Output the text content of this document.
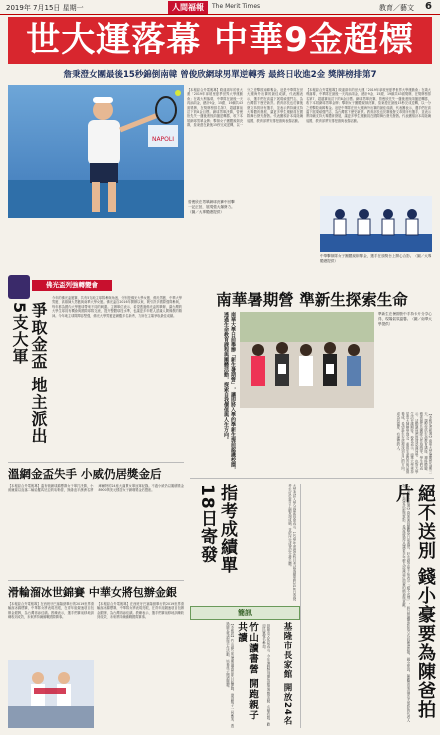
2019年 7月15日 星期一	人間福報	The Merit Times	教育／藝文 6
世大運落幕 中華9金超標
詹秉澄女團最後15秒錦倒南韓 曾俊欣網球男單逆轉秀 最終日收進2金 獎牌榜排第7
NAPOLI
曾俊欣在男單網球決賽中回擊一記正拍，展現強大爆發力。（圖／大專體總提供）
【本報綜合外電報導】睽違兩年的世大運「2019年拿坡里夏季世界大學運動會」在義大利落幕，中華隊在最後一天再添兩金，總計9金、15銀、19銅共43面獎牌，在獎牌榜排名第7，超越賽前訂下的8金目標。網球男單決賽，曾俊欣先失一盤後連扳兩盤逆轉勝，收下本屆網球男單金牌；擊劍女子團體銳劍決賽，詹秉澄在最後15秒完成逆轉，以一分之差擊敗南韓奪金。這是中華隊在世大運海外出賽的最佳成績，代表團表示，選手們在高溫下展現頑強鬥志，為台灣寫下歷史新頁。教育部長也於賽後發文恭賀所有選手，並表示將持續支持大專體育發展，讓更多學生運動員在國際舞台發光發熱。代表團預計本周陸續返國，教育部將安排授旗與表揚活動。
【本報綜合外電報導】睽違兩年的世大運「2019年拿坡里夏季世界大學運動會」在義大利落幕，中華隊在最後一天再添兩金，總計9金、15銀、19銅共43面獎牌，在獎牌榜排名第7，超越賽前訂下的8金目標。網球男單決賽，曾俊欣先失一盤後連扳兩盤逆轉勝，收下本屆網球男單金牌；擊劍女子團體銳劍決賽，詹秉澄在最後15秒完成逆轉，以一分之差擊敗南韓奪金。這是中華隊在世大運海外出賽的最佳成績，代表團表示，選手們在高溫下展現頑強鬥志，為台灣寫下歷史新頁。教育部長也於賽後發文恭賀所有選手，並表示將持續支持大專體育發展，讓更多學生運動員在國際舞台發光發熱。代表團預計本周陸續返國，教育部將安排授旗與表揚活動。
中華擊劍隊女子團體銳劍奪金，選手在頒獎台上開心合影。（圖／大專體總提供）
佛光盃列強轉變會
爭取金盃 地主派出5支大軍
今年的佛光盃籃賽，共有5支地主球隊參與角逐，分別是佛光大學女籃、佛光男籃、中華大學男籃、高雄師大男籃與南華大學女籃。佛光盃自2016年開辦以來，吸引許多國際強隊參與，每年都為國內大學籃球帶來不同的刺激。主辦單位表示，希望透過佛光盃的舉辦，讓台灣的大學生球員有機會與國際球隊交流，提升整體球技水準，也讓更多年輕人認識人間佛教的精神。今年地主球隊陣容堅強，佛光大學男籃更網羅多名新秀，力拚在主場爭取最佳成績。
溫網金盃失手 小威仍居獎金后
【本報綜合外電報導】溫布頓網球錦標賽女子單打決賽，小威廉絲以直落二輸給羅馬尼亞的哈勒普，無緣追平澳洲名將庫爾特的24座大滿貫女單冠軍紀錄。不過小威仍以累積獎金8900萬美元穩居女子網壇獎金后寶座。
滑輪溜冰世錦賽 中華女將包辦金銀
【本報綜合外電報導】在西班牙巴塞隆納舉行的2019世界滑輪溜冰錦標賽，中華隊女將表現亮眼，在青年組競速項目包辦金銀牌，為台灣再添佳績。教練表示，選手們賽前移地訓練收到成效，未來將持續備戰國際賽事。
【本報綜合外電報導】在西班牙巴塞隆納舉行的2019世界滑輪溜冰錦標賽，中華隊女將表現亮眼，在青年組競速項目包辦金銀牌，為台灣再添佳績。教練表示，選手們賽前移地訓練收到成效，未來將持續備戰國際賽事。
南華暑期營 準新生探索生命
南華大學日前舉辦「新生暑期營」，讓即將入學的準新生提前認識校園，透過生命教育課程與團體活動，探索自我價值與人生方向。	準新生在暑期營中手持卡片分享心得，現場氣氛溫馨。（圖／南華大學提供）
【本報記者報導】南華大學暑期營為期三天，課程包括生命教育講座、禪修體驗、藝術創作及團隊合作遊戲等。學生們表示，活動讓他們提前認識同學，也對大學生活充滿期待。校長表示，南華大學秉持星雲大師辦學理念，重視生命教育與品德養成，希望新生在這裡找到自己的方向，成為有溫度、有理想的人。
指考成績單 18日寄發	大學考試入學分發委員會表示，107學年度指定科目考試成績單將於18日寄發，考生可於當日上網查詢成績，並依序完成登記分發志願。
簡訊
竹山讀書營 開跑親子共讀
【本報訊】竹山鎮公所暑期讀書營即日起開跑，邀請親子一同參加，透過繪本導讀與手作活動，培養孩子閱讀興趣。	基隆市長家館 開放24名
基隆市文化局表示，今年暑假特別開放館舍導覽活動，名額有限，歡迎民眾報名參加。	【本報綜合報導】資深演員陳觀泰日前過世，好友錢小豪不捨表示「絕不送別」，將以拍攝電影的方式向陳爸致敬。錢小豪說，陳觀泰是香港功夫電影的代表人物，一生熱愛武術與電影，希望透過作品讓更多年輕人認識這位前輩的精神與貢獻。 絕不送別 錢小豪要為陳爸拍片
